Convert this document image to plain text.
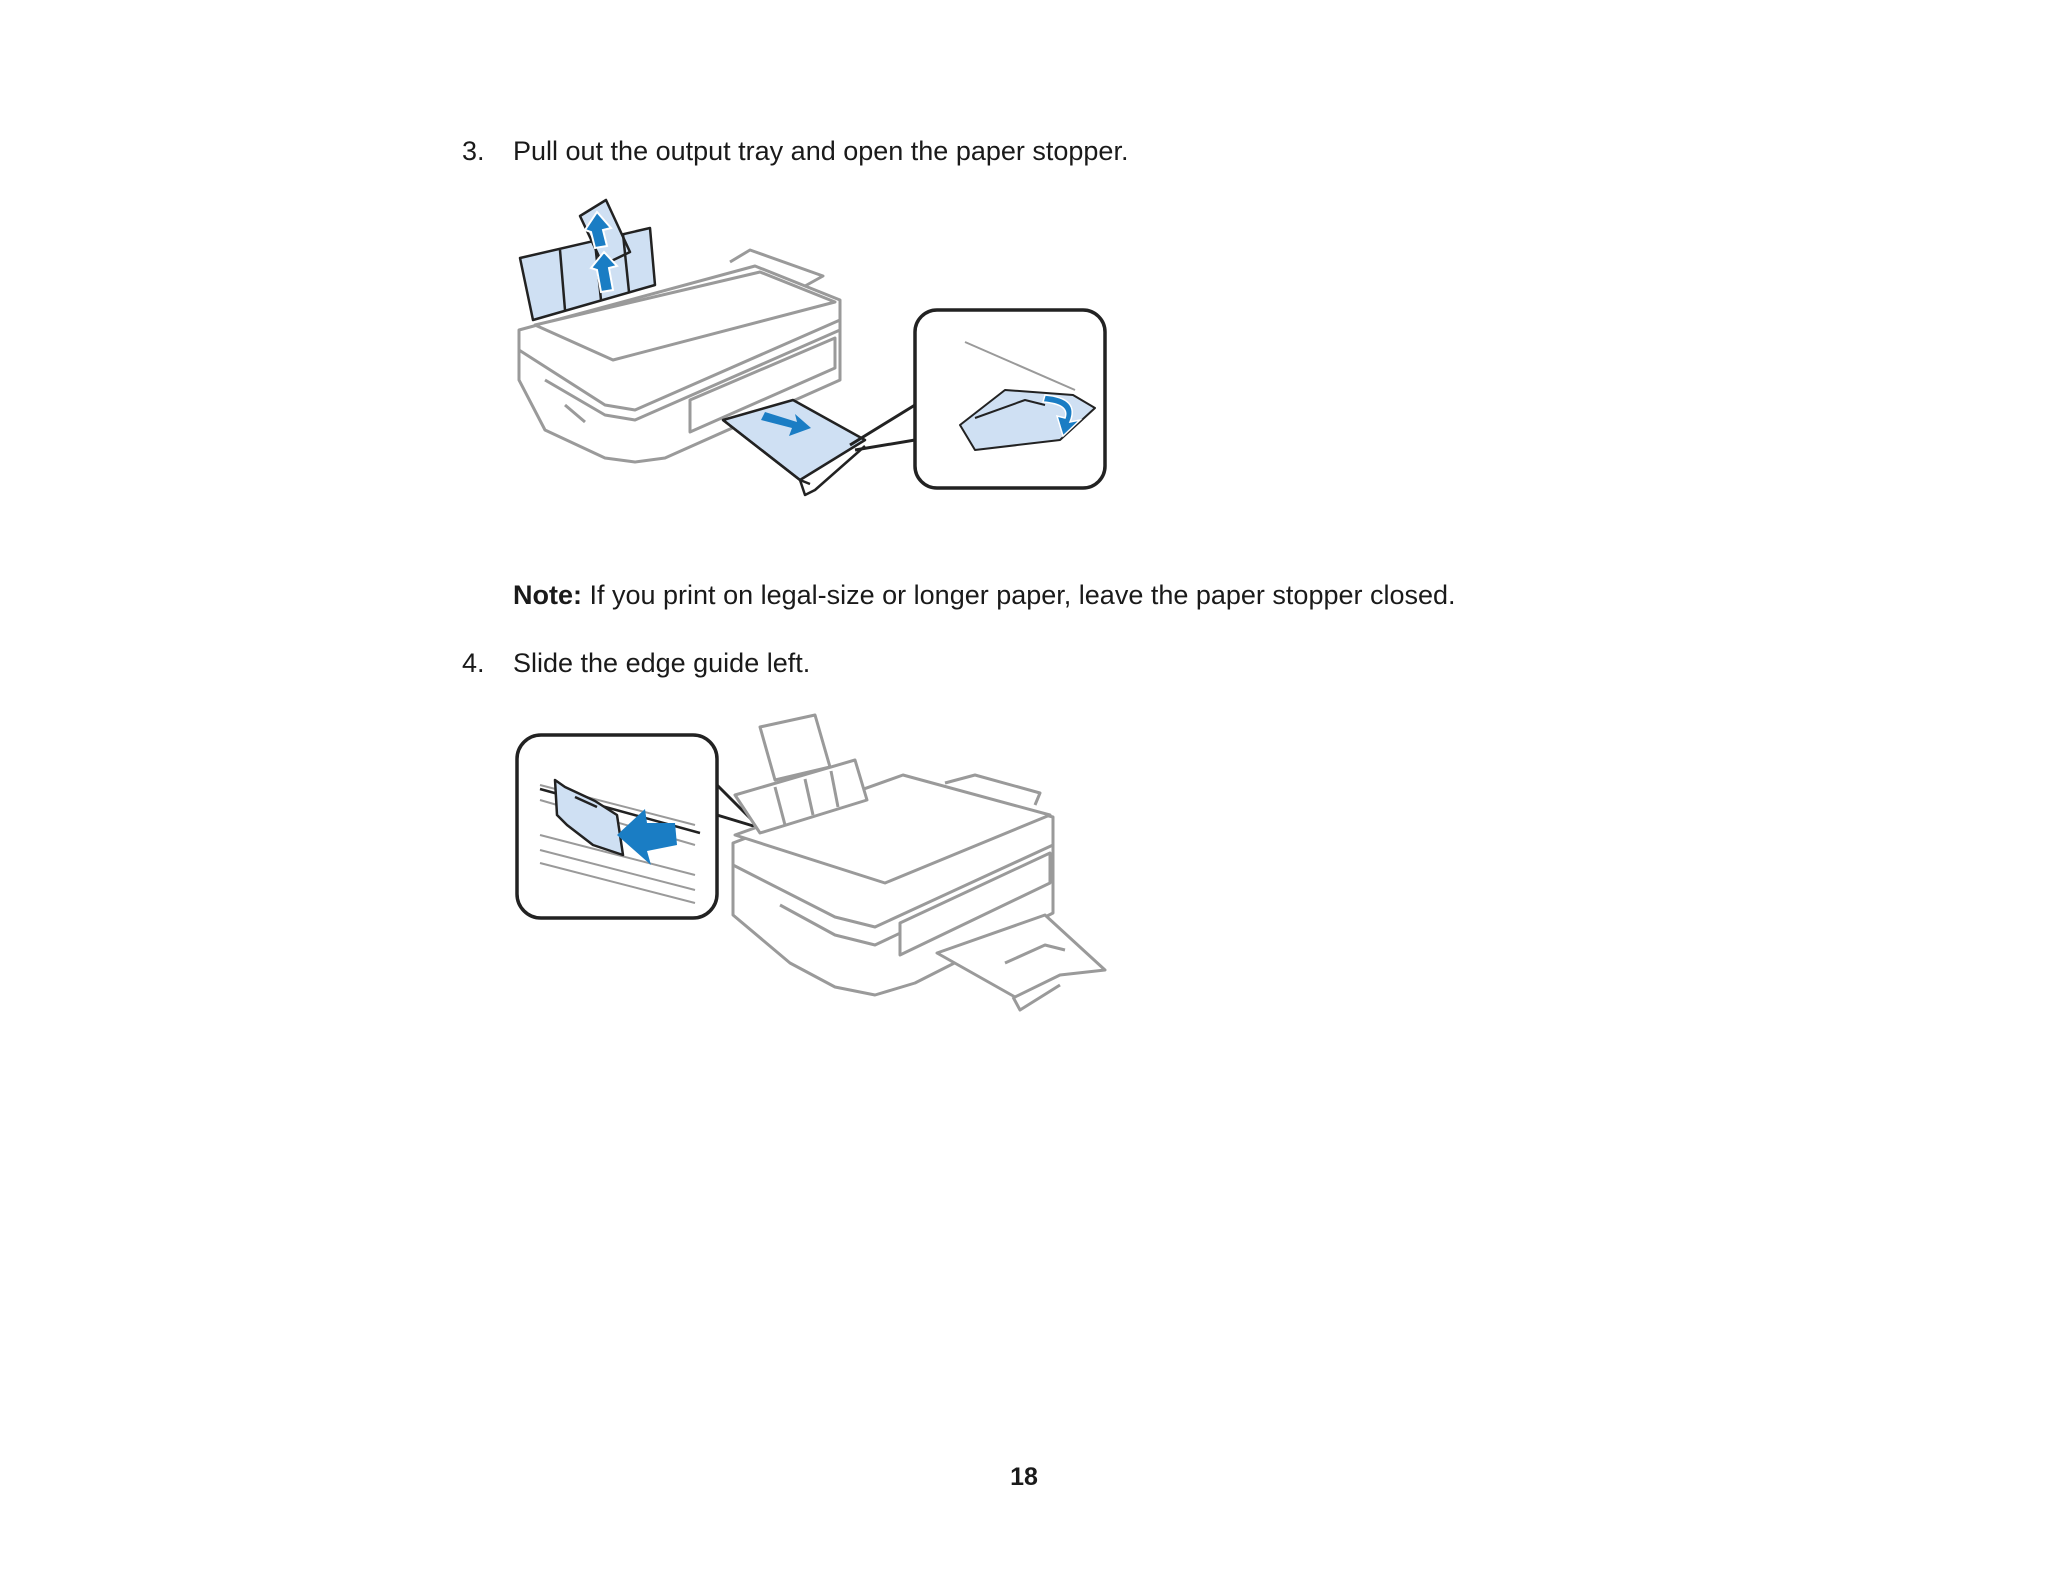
3. Pull out the output tray and open the paper stopper.
Note: If you print on legal-size or longer paper, leave the paper stopper closed.
4. Slide the edge guide left.
18
